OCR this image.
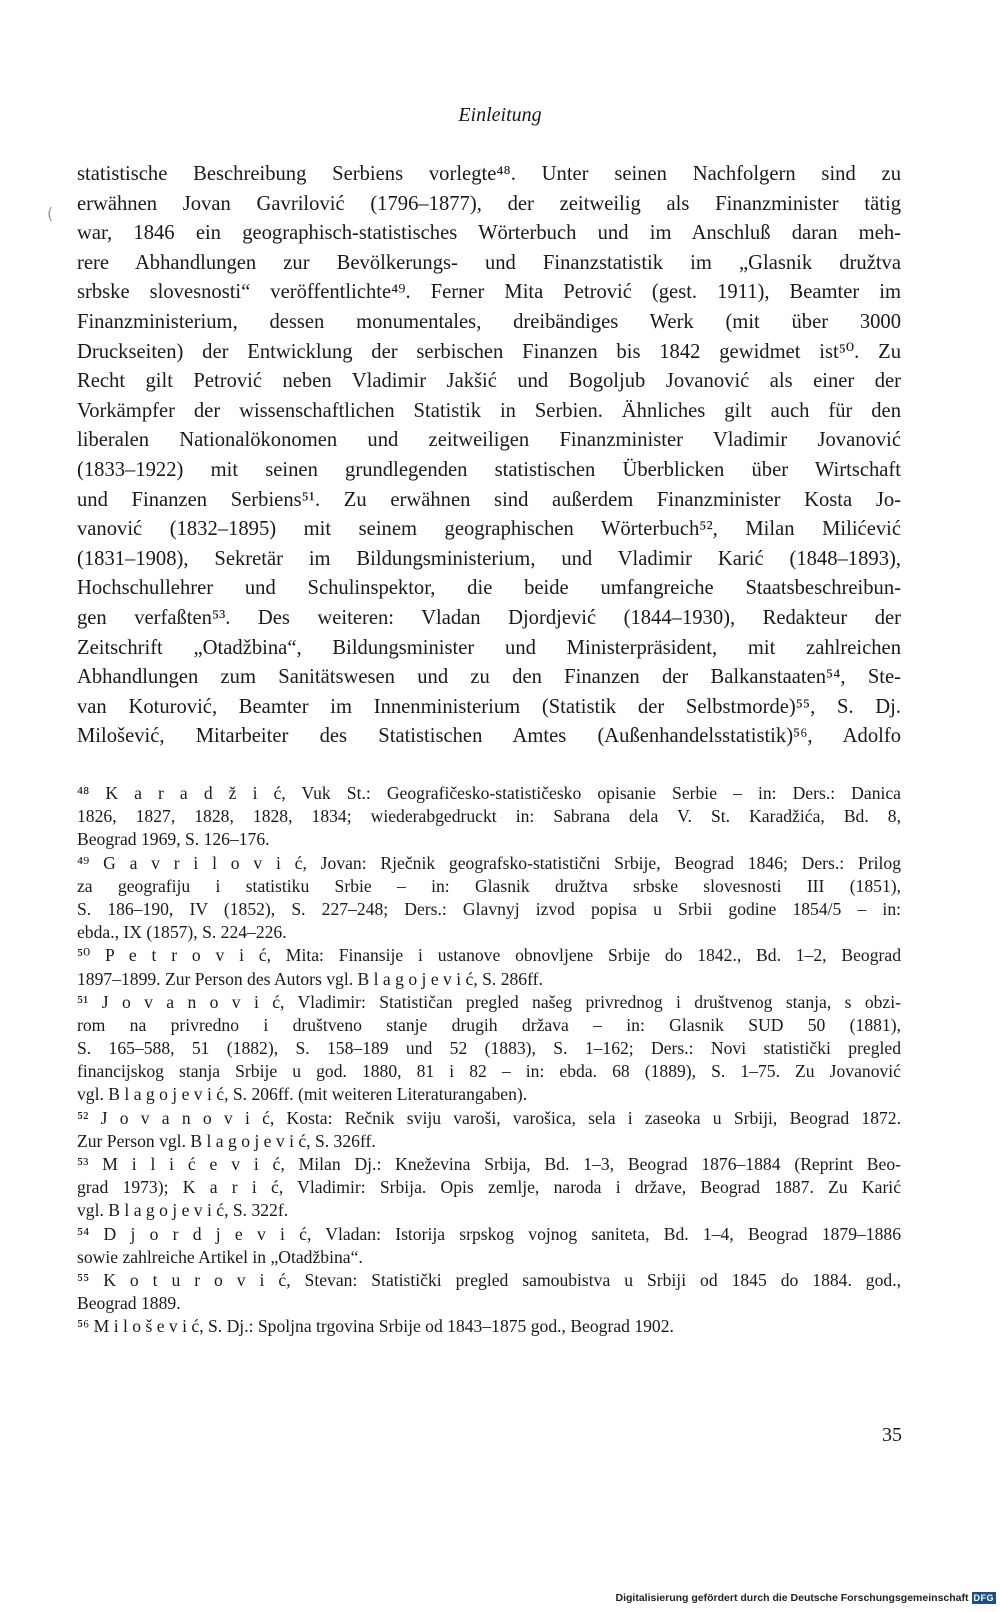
Einleitung
(
statistische Beschreibung Serbiens vorlegte⁴⁸. Unter seinen Nachfolgern sind zu
erwähnen Jovan Gavrilović (1796–1877), der zeitweilig als Finanzminister tätig
war, 1846 ein geographisch-statistisches Wörterbuch und im Anschluß daran meh-
rere Abhandlungen zur Bevölkerungs- und Finanzstatistik im „Glasnik družtva
srbske slovesnosti“ veröffentlichte⁴⁹. Ferner Mita Petrović (gest. 1911), Beamter im
Finanzministerium, dessen monumentales, dreibändiges Werk (mit über 3000
Druckseiten) der Entwicklung der serbischen Finanzen bis 1842 gewidmet ist⁵⁰. Zu
Recht gilt Petrović neben Vladimir Jakšić und Bogoljub Jovanović als einer der
Vorkämpfer der wissenschaftlichen Statistik in Serbien. Ähnliches gilt auch für den
liberalen Nationalökonomen und zeitweiligen Finanzminister Vladimir Jovanović
(1833–1922) mit seinen grundlegenden statistischen Überblicken über Wirtschaft
und Finanzen Serbiens⁵¹. Zu erwähnen sind außerdem Finanzminister Kosta Jo-
vanović (1832–1895) mit seinem geographischen Wörterbuch⁵², Milan Milićević
(1831–1908), Sekretär im Bildungsministerium, und Vladimir Karić (1848–1893),
Hochschullehrer und Schulinspektor, die beide umfangreiche Staatsbeschreibun-
gen verfaßten⁵³. Des weiteren: Vladan Djordjević (1844–1930), Redakteur der
Zeitschrift „Otadžbina“, Bildungsminister und Ministerpräsident, mit zahlreichen
Abhandlungen zum Sanitätswesen und zu den Finanzen der Balkanstaaten⁵⁴, Ste-
van Koturović, Beamter im Innenministerium (Statistik der Selbstmorde)⁵⁵, S. Dj.
Milošević, Mitarbeiter des Statistischen Amtes (Außenhandelsstatistik)⁵⁶, Adolfo
⁴⁸ K a r a d ž i ć, Vuk St.: Geografičesko-statističesko opisanie Serbie – in: Ders.: Danica
1826, 1827, 1828, 1828, 1834; wiederabgedruckt in: Sabrana dela V. St. Karadžića, Bd. 8,
Beograd 1969, S. 126–176.
⁴⁹ G a v r i l o v i ć, Jovan: Rječnik geografsko-statistični Srbije, Beograd 1846; Ders.: Prilog
za geografiju i statistiku Srbie – in: Glasnik družtva srbske slovesnosti III (1851),
S. 186–190, IV (1852), S. 227–248; Ders.: Glavnyj izvod popisa u Srbii godine 1854/5 – in:
ebda., IX (1857), S. 224–226.
⁵⁰ P e t r o v i ć, Mita: Finansije i ustanove obnovljene Srbije do 1842., Bd. 1–2, Beograd
1897–1899. Zur Person des Autors vgl. B l a g o j e v i ć, S. 286ff.
⁵¹ J o v a n o v i ć, Vladimir: Statističan pregled našeg privrednog i društvenog stanja, s obzi-
rom na privredno i društveno stanje drugih država – in: Glasnik SUD 50 (1881),
S. 165–588, 51 (1882), S. 158–189 und 52 (1883), S. 1–162; Ders.: Novi statistički pregled
financijskog stanja Srbije u god. 1880, 81 i 82 – in: ebda. 68 (1889), S. 1–75. Zu Jovanović
vgl. B l a g o j e v i ć, S. 206ff. (mit weiteren Literaturangaben).
⁵² J o v a n o v i ć, Kosta: Rečnik sviju varoši, varošica, sela i zaseoka u Srbiji, Beograd 1872.
Zur Person vgl. B l a g o j e v i ć, S. 326ff.
⁵³ M i l i ć e v i ć, Milan Dj.: Kneževina Srbija, Bd. 1–3, Beograd 1876–1884 (Reprint Beo-
grad 1973); K a r i ć, Vladimir: Srbija. Opis zemlje, naroda i države, Beograd 1887. Zu Karić
vgl. B l a g o j e v i ć, S. 322f.
⁵⁴ D j o r d j e v i ć, Vladan: Istorija srpskog vojnog saniteta, Bd. 1–4, Beograd 1879–1886
sowie zahlreiche Artikel in „Otadžbina“.
⁵⁵ K o t u r o v i ć, Stevan: Statistički pregled samoubistva u Srbiji od 1845 do 1884. god.,
Beograd 1889.
⁵⁶ M i l o š e v i ć, S. Dj.: Spoljna trgovina Srbije od 1843–1875 god., Beograd 1902.
35
Digitalisierung gefördert durch die Deutsche Forschungsgemeinschaft DFG
